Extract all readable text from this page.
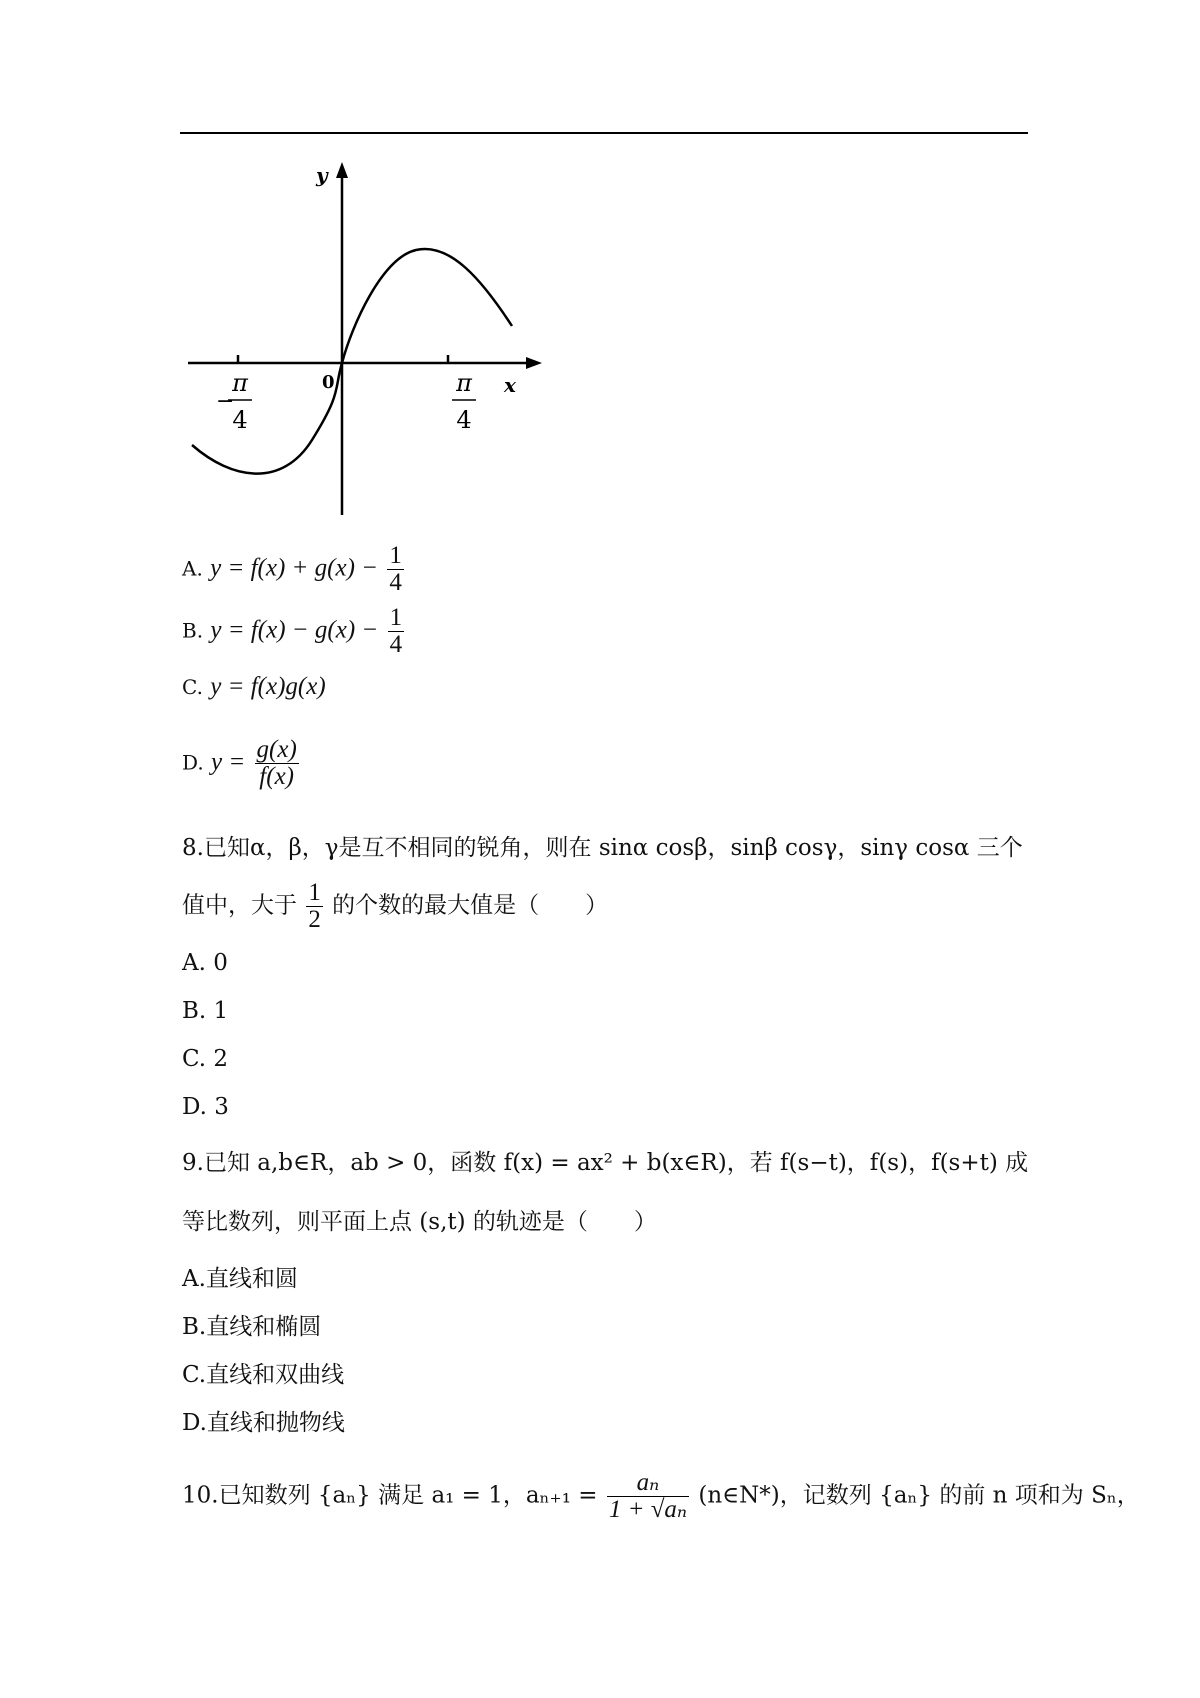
y
x
0
−
π
4
π
4
A. $y = f(x) + g(x) - \frac{1}{4}$
B. $y = f(x) - g(x) - \frac{1}{4}$
C. y = f(x)g(x)
D. $y = \frac{g(x)}{f(x)}$
8.已知α，β，γ是互不相同的锐角，则在 sinα cosβ，sinβ cosγ，sinγ cosα 三个
值中，大于 $\frac{1}{2}$ 的个数的最大值是（　　）
A. 0
B. 1
C. 2
D. 3
9.已知 a,b∈R，ab > 0，函数 f(x) = ax² + b(x∈R)，若 f(s−t)，f(s)，f(s+t) 成
等比数列，则平面上点 (s,t) 的轨迹是（　　）
A.直线和圆
B.直线和椭圆
C.直线和双曲线
D.直线和抛物线
10.已知数列 {aₙ} 满足 a₁ = 1，$a_{n+1} = \frac{\text{aₙ}}{\text{1 + √aₙ}}$ (n∈N*)，记数列 {aₙ} 的前 n 项和为 Sₙ，
